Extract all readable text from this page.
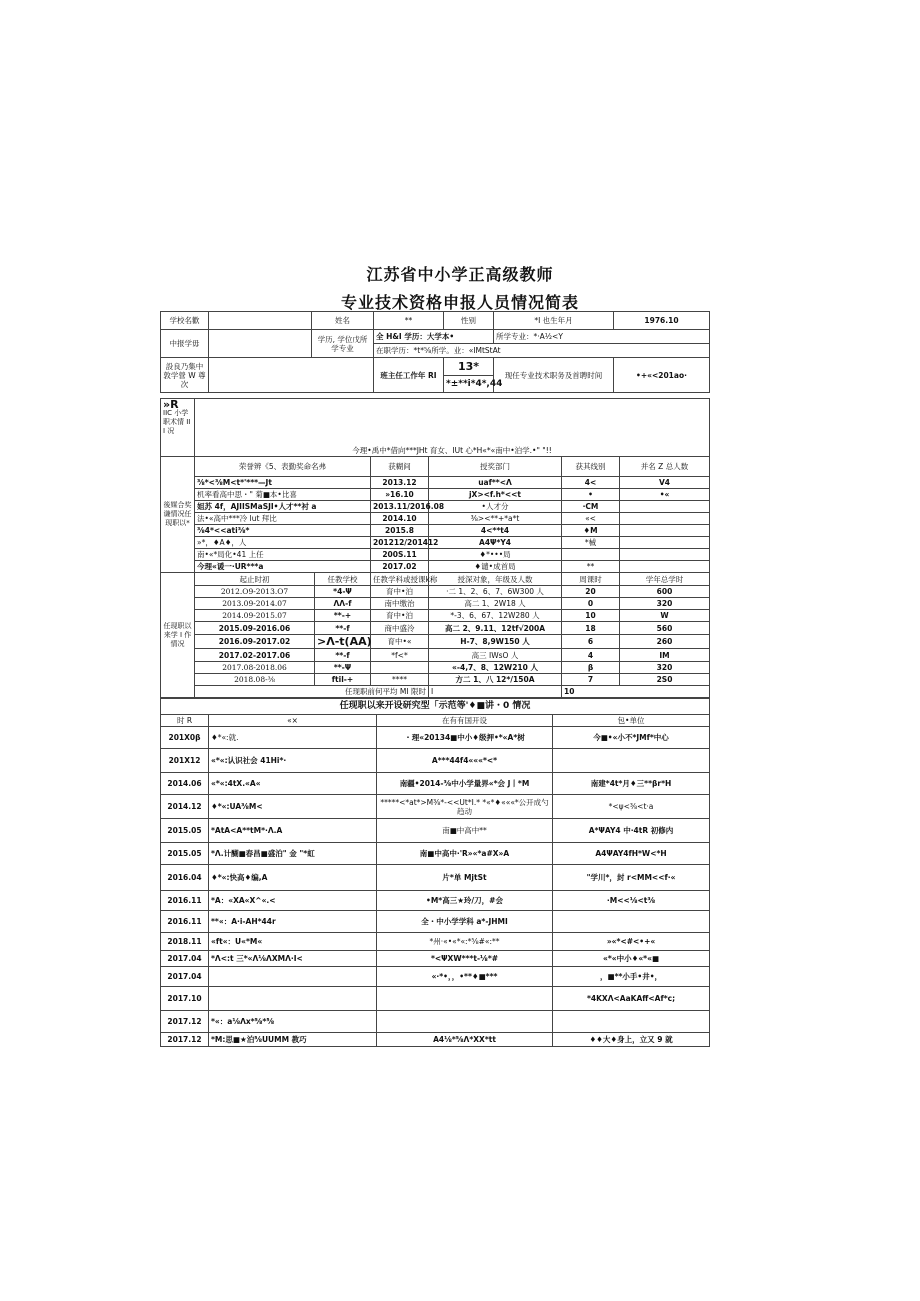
江苏省中小学正高级教师
专业技术资格申报人员情况简表
学校名歡		姓名	**	性别	*I 也生年月	1976.10
中报学毋		学历, 学位戊所学专业	全 H&I 学历：大学本•		所学专业：*·A½<Y	
			在职学历：*t*⅝所学。业：«IMtStAt			
設良乃集中敦学營 W 尊次			班主任工作年 RI	13*	现任专业技术职务及首聘时间	•+«<201ao·
				*±**i*4*,44		
»R
IIC 小学职术情 III 况	今理•禹中*借向***JHt 育女、IUt 心*H«*«南中•泊学.•" "!!					
後媒合奖谦情况任现职以*	荣誉辨《5、表勤奖命名弗		获糊间	授奖部门	获其线别	并名 Z 总人数
	⅜*<⅜M<t*'***—Jt		2013.12	uaf**<Λ	4<	V4
	机率看高中思・" 菊■本•比喜		»16.10	jX><f.h*<<t	•	•«
	姐苏 4f，AJIISMaSJI•人才**衬 a		2013.11/2016.08	•人才分	·CM	
	法•«高中***冷 lut 拜比		2014.10	⅜><**+*a*t	«<	
	⅜4*<<ati⅜*		2015.8	4<**t4	♦M	
	»*，♦A♦，人		201212/201412	A4Ψ*Y4	*械	
	南•«*局化•41 上任		200S.11	♦*•••局		
	今理«谖一·UR***a		2017.02	♦谴•成首局	**	
任现职以来学 I 作情况	起止时初	任教学校	任教学科或授课k称	授深对象，年级及人数	周课时	学年总学时
	2012.O9-2013.O7	*4-Ψ	育中•泊	·二 1、2、6、7、6W300 人	20	600
	2013.09-2014.07	ΛΛ-f	南中缴治	高二 1、2W18 人	0	320
	2014.09-2015.07	**-+	育中•泊	*-3、6、67、12W280 人	10	W
	2015.09-2016.06	**-f	商中盛泠	高二 2、9.11、12tf√200A	18	560
	2016.09-2017.02	>Λ-t(AA)	育中•«	H-7、8,9W150 人	6	260
	2017.02-2017.06	**-f	*f<*	高三 IWsO 人	4	IM
	2017.08-2018.06	**-Ψ		«-4,7、8、12W210 人	β	320
	2018.08-⅜	ftil-+	****	方二 1、八 12*/150A	7	2S0
	任现职前何平均 MI 限时			I	10	
任现职以来开设研究型「示范等'♦■讲・0 情况			
时 R	«×	在有有国开设	包•单位
201X0β	♦*«:就.	・理«20134■中小♦级押•*«A*树	今■•«小不*JMf*中心
201X12	«*«:认识社会 41Hi*·	A***44f4«««*<*	
2014.06	«*«:4tX.«A«	南疆•2014-⅜中小学量界«*会 J丨*M	南建*4t*月♦三**βr*H
2014.12	♦*«:UA⅜M<	*****<*at*>M⅜*-<<Ut*I.* *«*♦«««*公开成勺趋动	*<ψ<⅜<t·a
2015.05	*AtA<A**tM*·Λ.A	南■中高中**	A*ΨAY4 中·4tR 初修内
2015.05	*Λ.计醐■春昌■盛泊" 金 "*虹	南■中高中·'R»«*a#X»A	A4ΨAY4fH*W<*H
2016.04	♦*«:快高♦编,A	片*单 MjtSt	"学川*，封 r<MM<<f·«
2016.11	*A：«XA«X^«.<	•M*高三★玲/刀，#会	·M<<⅛<t⅜
2016.11	**«：A·i-AH*44r	全・中小学学科 a*-JHMI	
2018.11	«ft«：U«*M«	*州·«•«*«:*⅝#«:**	»«*<#<•+«
2017.04	*Λ<:t 三*«Λ⅛ΛXMΛ·I<	*<ΨXW***t-⅛*#	«*«中小♦«*«■
2017.04		«·*•，，•**♦■***	，■**小手•井•，
2017.10			*4KXΛ<AaKAff<Af*c;
2017.12	*«：a⅛Λx*⅝*⅝		
2017.12	*M:思■★泊⅝UUMM 教巧	A4⅛*⅝Λ*XX*tt	♦♦大♦身上，立又 9 就
